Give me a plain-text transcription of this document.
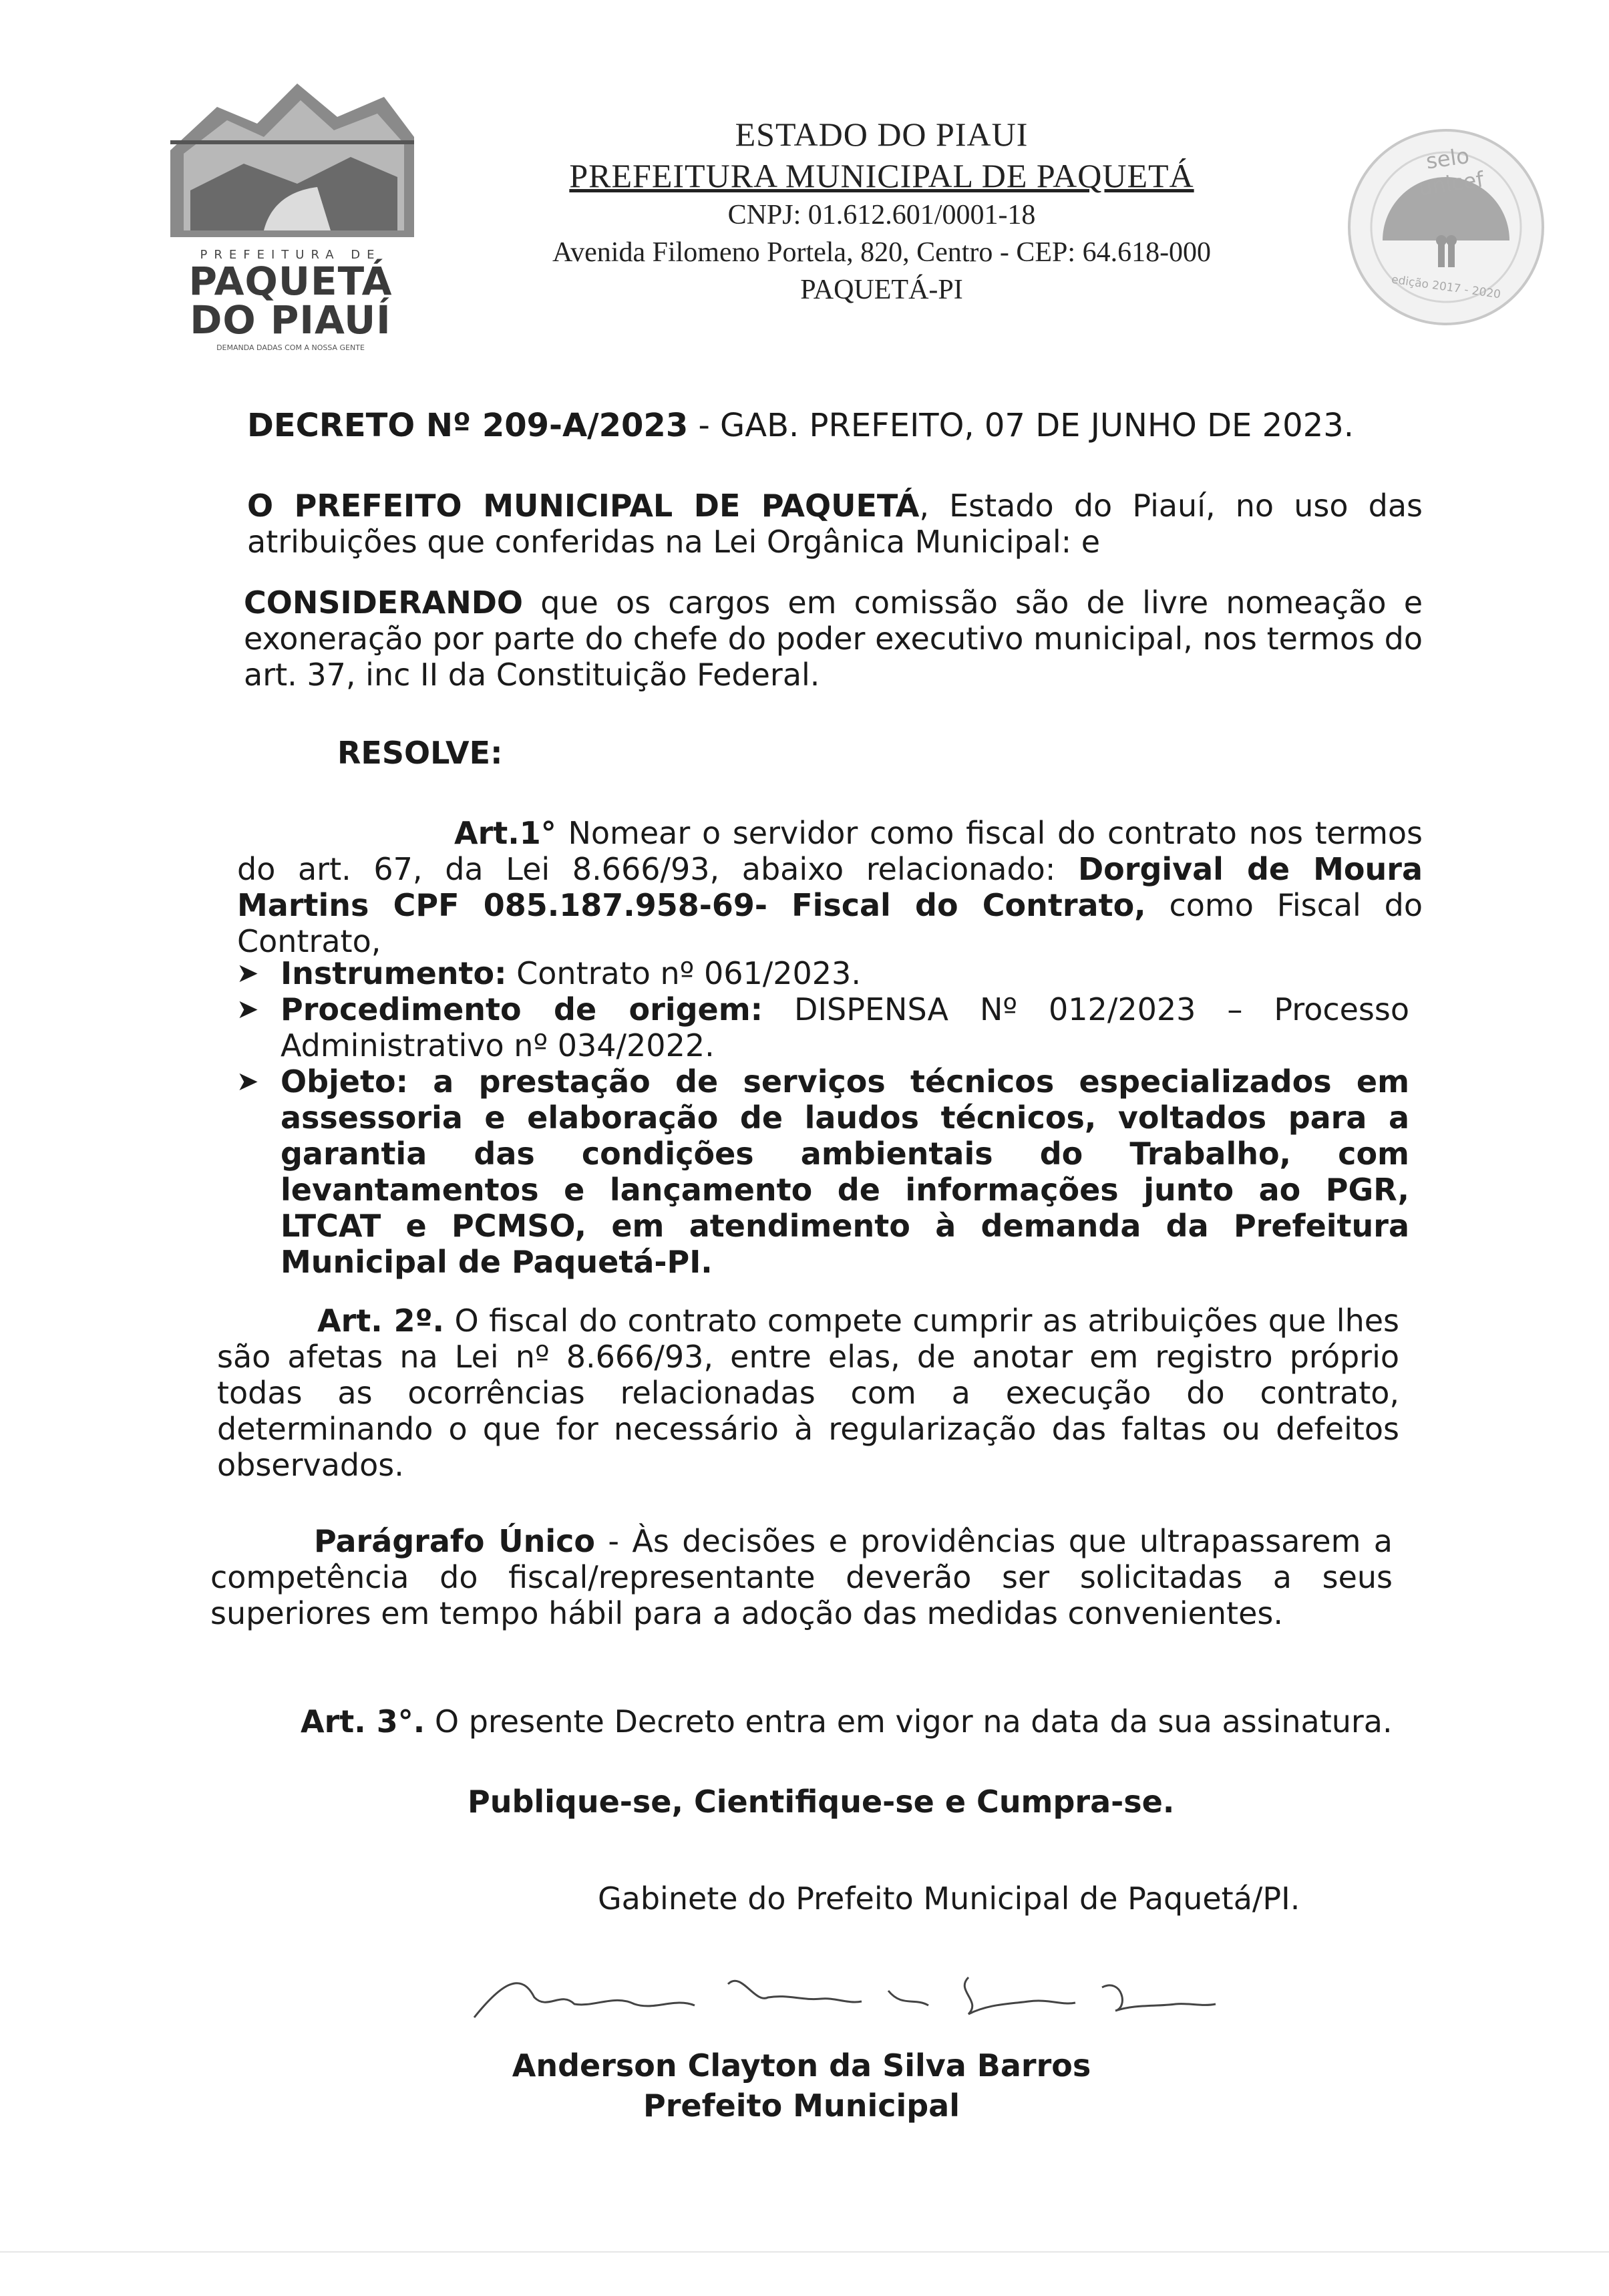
PREFEITURA DE
PAQUETÁ
DO PIAUÍ
DEMANDA DADAS COM A NOSSA GENTE
selo unicef
edição 2017 - 2020
ESTADO DO PIAUI
PREFEITURA MUNICIPAL DE PAQUETÁ
CNPJ: 01.612.601/0001-18
Avenida Filomeno Portela, 820, Centro - CEP: 64.618-000
PAQUETÁ-PI
DECRETO Nº 209-A/2023 - GAB. PREFEITO, 07 DE JUNHO DE 2023.
O PREFEITO MUNICIPAL DE PAQUETÁ, Estado do Piauí, no uso das atribuições que conferidas na Lei Orgânica Municipal: e
CONSIDERANDO que os cargos em comissão são de livre nomeação e exoneração por parte do chefe do poder executivo municipal, nos termos do art. 37, inc II da Constituição Federal.
RESOLVE:
Art.1° Nomear o servidor como fiscal do contrato nos termos do art. 67, da Lei 8.666/93, abaixo relacionado: Dorgival de Moura Martins CPF 085.187.958-69- Fiscal do Contrato, como Fiscal do Contrato,
➤ Instrumento: Contrato nº 061/2023.
➤ Procedimento de origem: DISPENSA Nº 012/2023 – Processo Administrativo nº 034/2022.
➤ Objeto: a prestação de serviços técnicos especializados em assessoria e elaboração de laudos técnicos, voltados para a garantia das condições ambientais do Trabalho, com levantamentos e lançamento de informações junto ao PGR, LTCAT e PCMSO, em atendimento à demanda da Prefeitura Municipal de Paquetá-PI.
Art. 2º. O fiscal do contrato compete cumprir as atribuições que lhes são afetas na Lei nº 8.666/93, entre elas, de anotar em registro próprio todas as ocorrências relacionadas com a execução do contrato, determinando o que for necessário à regularização das faltas ou defeitos observados.
Parágrafo Único - Às decisões e providências que ultrapassarem a competência do fiscal/representante deverão ser solicitadas a seus superiores em tempo hábil para a adoção das medidas convenientes.
Art. 3°. O presente Decreto entra em vigor na data da sua assinatura.
Publique-se, Cientifique-se e Cumpra-se.
Gabinete do Prefeito Municipal de Paquetá/PI.
Anderson Clayton da Silva Barros
Prefeito Municipal
